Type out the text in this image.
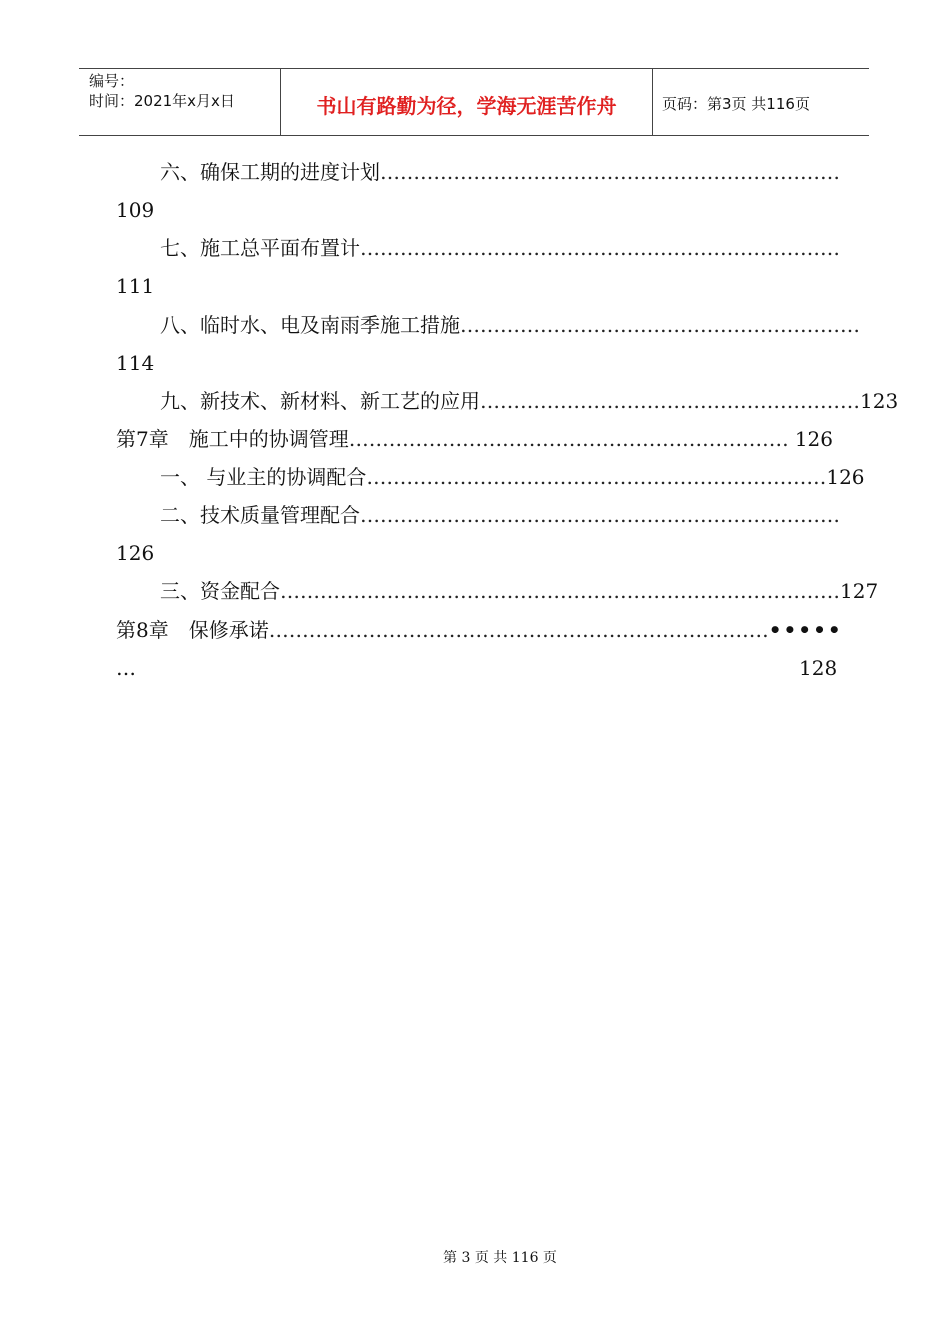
编号：
时间：2021年x月x日	书山有路勤为径，学海无涯苦作舟	页码：第3页 共116页
六、确保工期的进度计划 ……………………………………………………………
109
七、施工总平面布置计 ………………………………………………………………
111
八、临时水、电及南雨季施工措施 ……………………………………………………
114
九、新技术、新材料、新工艺的应用 ………………………………………………… 123
第7章　施工中的协调管理 ………………………………………………………… 126
一、 与业主的协调配合 …………………………………………………………… 126
二、技术质量管理配合 ………………………………………………………………
126
三、资金配合 ………………………………………………………………………… 127
第8章　保修承诺 ………………………………………………………………… •••••
…	128
第 3 页 共 116 页
